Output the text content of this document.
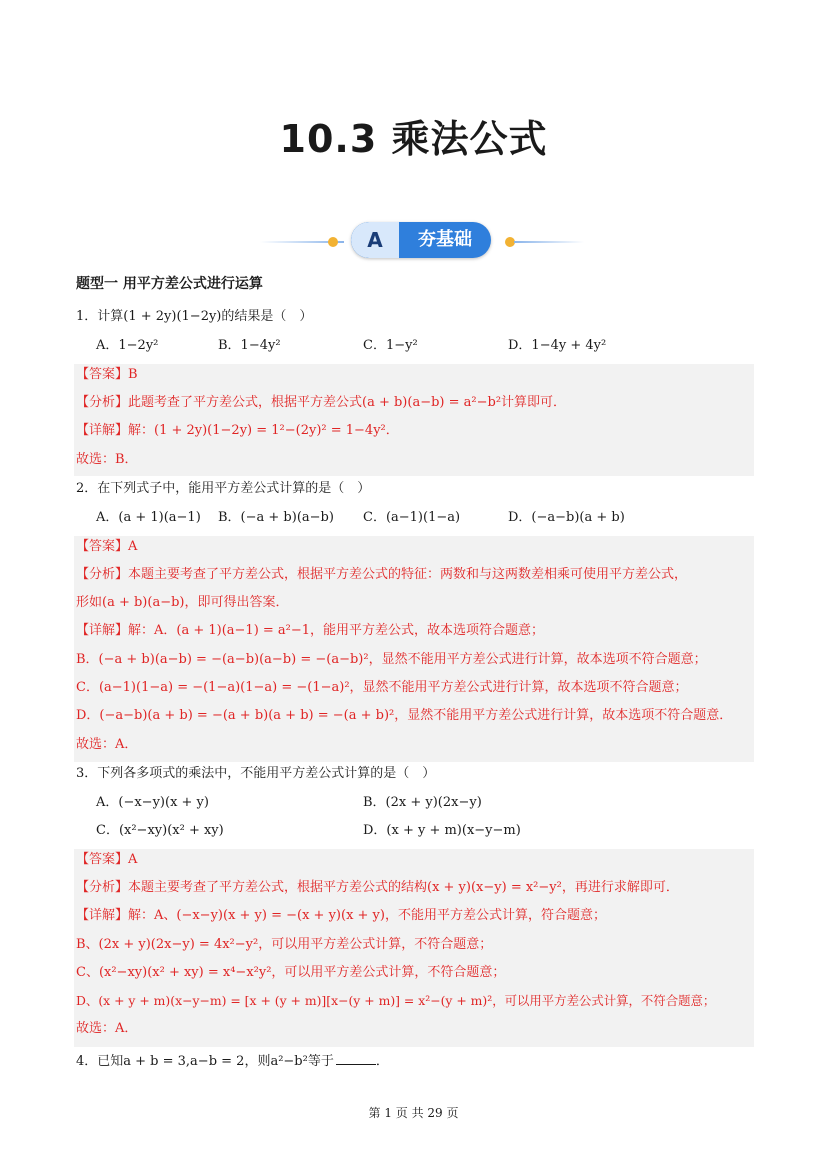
10.3 乘法公式
A	夯基础
题型一 用平方差公式进行运算
1．计算(1 + 2y)(1−2y)的结果是（　）
A．1−2y²	B．1−4y²	C．1−y²	D．1−4y + 4y²
【答案】B
【分析】此题考查了平方差公式，根据平方差公式(a + b)(a−b) = a²−b²计算即可．
【详解】解：(1 + 2y)(1−2y) = 1²−(2y)² = 1−4y²．
故选：B．
2．在下列式子中，能用平方差公式计算的是（　）
A．(a + 1)(a−1) B．(−a + b)(a−b) C．(a−1)(1−a)	D．(−a−b)(a + b)
【答案】A
【分析】本题主要考查了平方差公式，根据平方差公式的特征：两数和与这两数差相乘可使用平方差公式，
形如(a + b)(a−b)，即可得出答案．
【详解】解：A．(a + 1)(a−1) = a²−1，能用平方差公式，故本选项符合题意；
B．(−a + b)(a−b) = −(a−b)(a−b) = −(a−b)²，显然不能用平方差公式进行计算，故本选项不符合题意；
C．(a−1)(1−a) = −(1−a)(1−a) = −(1−a)²，显然不能用平方差公式进行计算，故本选项不符合题意；
D．(−a−b)(a + b) = −(a + b)(a + b) = −(a + b)²，显然不能用平方差公式进行计算，故本选项不符合题意．
故选：A．
3．下列各多项式的乘法中，不能用平方差公式计算的是（　）
A．(−x−y)(x + y)	B．(2x + y)(2x−y)
C．(x²−xy)(x² + xy)	D．(x + y + m)(x−y−m)
【答案】A
【分析】本题主要考查了平方差公式，根据平方差公式的结构(x + y)(x−y) = x²−y²，再进行求解即可．
【详解】解：A、(−x−y)(x + y) = −(x + y)(x + y)，不能用平方差公式计算，符合题意；
B、(2x + y)(2x−y) = 4x²−y²，可以用平方差公式计算，不符合题意；
C、(x²−xy)(x² + xy) = x⁴−x²y²，可以用平方差公式计算，不符合题意；
D、(x + y + m)(x−y−m) = [x + (y + m)][x−(y + m)] = x²−(y + m)²，可以用平方差公式计算，不符合题意；
故选：A．
4．已知a + b = 3,a−b = 2，则a²−b²等于	．
第 1 页 共 29 页
